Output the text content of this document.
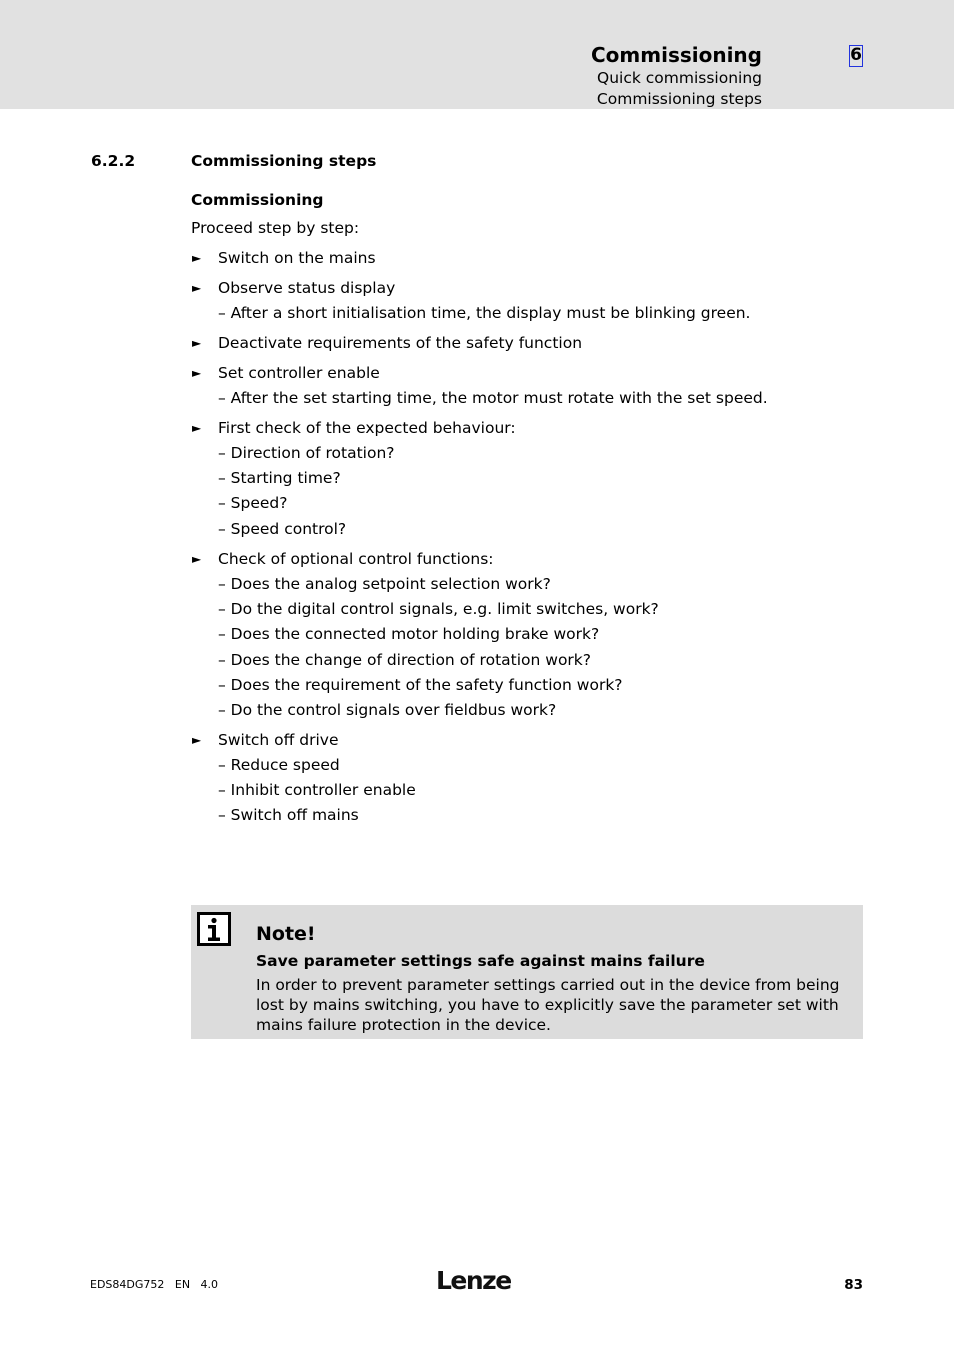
Commissioning
Quick commissioning
Commissioning steps
6
6.2.2	Commissioning steps
Commissioning
Proceed step by step:
► Switch on the mains
► Observe status display
– After a short initialisation time, the display must be blinking green.
► Deactivate requirements of the safety function
► Set controller enable
– After the set starting time, the motor must rotate with the set speed.
► First check of the expected behaviour:
– Direction of rotation?
– Starting time?
– Speed?
– Speed control?
► Check of optional control functions:
– Does the analog setpoint selection work?
– Do the digital control signals, e.g. limit switches, work?
– Does the connected motor holding brake work?
– Does the change of direction of rotation work?
– Does the requirement of the safety function work?
– Do the control signals over fieldbus work?
► Switch off drive
– Reduce speed
– Inhibit controller enable
– Switch off mains
Note!
Save parameter settings safe against mains failure
In order to prevent parameter settings carried out in the device from being lost by mains switching, you have to explicitly save the parameter set with mains failure protection in the device.
EDS84DG752   EN   4.0	Lenze	83
